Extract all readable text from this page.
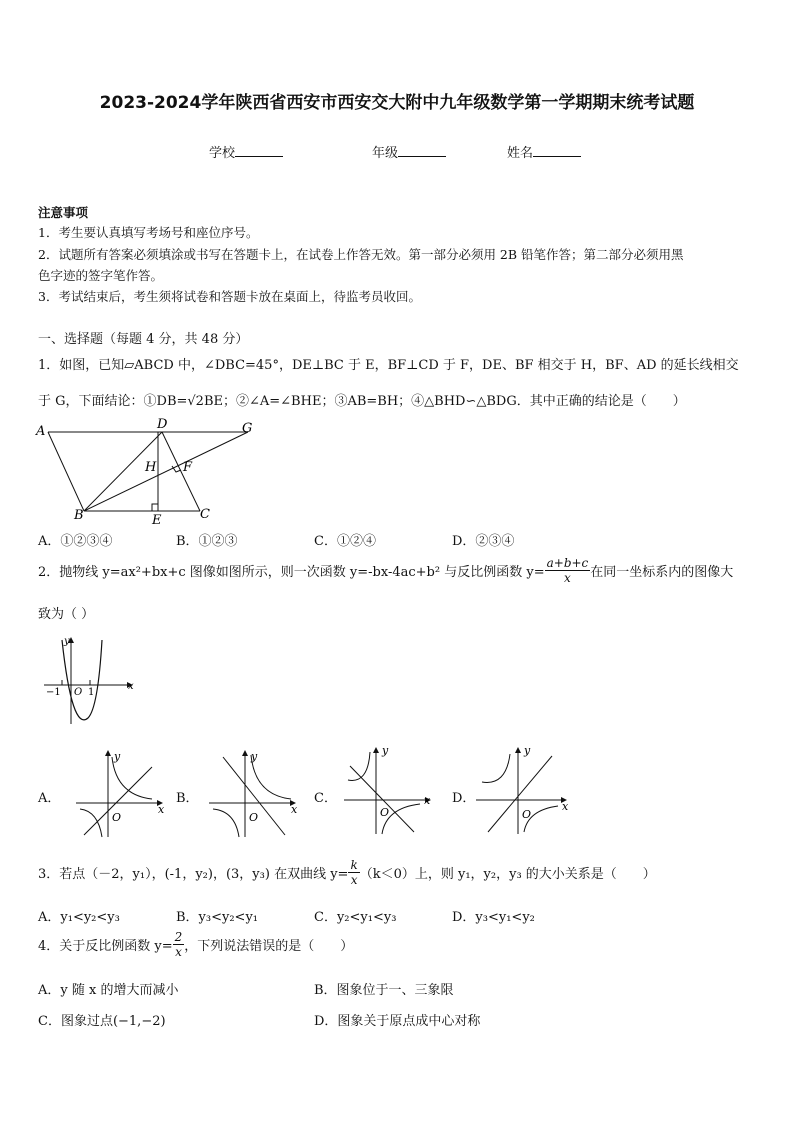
2023-2024学年陕西省西安市西安交大附中九年级数学第一学期期末统考试题
学校	年级	姓名
注意事项
1．考生要认真填写考场号和座位序号。
2．试题所有答案必须填涂或书写在答题卡上，在试卷上作答无效。第一部分必须用 2B 铅笔作答；第二部分必须用黑
色字迹的签字笔作答。
3．考试结束后，考生须将试卷和答题卡放在桌面上，待监考员收回。
一、选择题（每题 4 分，共 48 分）
1．如图，已知▱ABCD 中，∠DBC=45°，DE⊥BC 于 E，BF⊥CD 于 F，DE、BF 相交于 H，BF、AD 的延长线相交
于 G，下面结论：①DB=√2BE；②∠A=∠BHE；③AB=BH；④△BHD∽△BDG．其中正确的结论是（　　）
A	D	G
H F
B	E	C
A．①②③④	B．①②③	C．①②④	D．②③④
2．抛物线 y=ax²+bx+c 图像如图所示，则一次函数 y=-bx-4ac+b² 与反比例函数 $y= \frac{a+b+c}{x}$ 在同一坐标系内的图像大
致为（ ）
y
x
−1 O 1
A．
y
x
O
B．
y
x
O
C．
y
x
O
D．
y
x
O
3．若点（－2，y₁），(-1，y₂)，(3，y₃) 在双曲线 $y= \frac{k}{x} (k<0)$上，则 y₁，y₂，y₃ 的大小关系是（　　）
A．y₁<y₂<y₃	B．y₃<y₂<y₁	C．y₂<y₁<y₃	D．y₃<y₁<y₂
4．关于反比例函数 $y= \frac{2}{x}$ ，下列说法错误的是（　　）
A．y 随 x 的增大而减小	B．图象位于一、三象限
C．图象过点(−1,−2)	D．图象关于原点成中心对称
